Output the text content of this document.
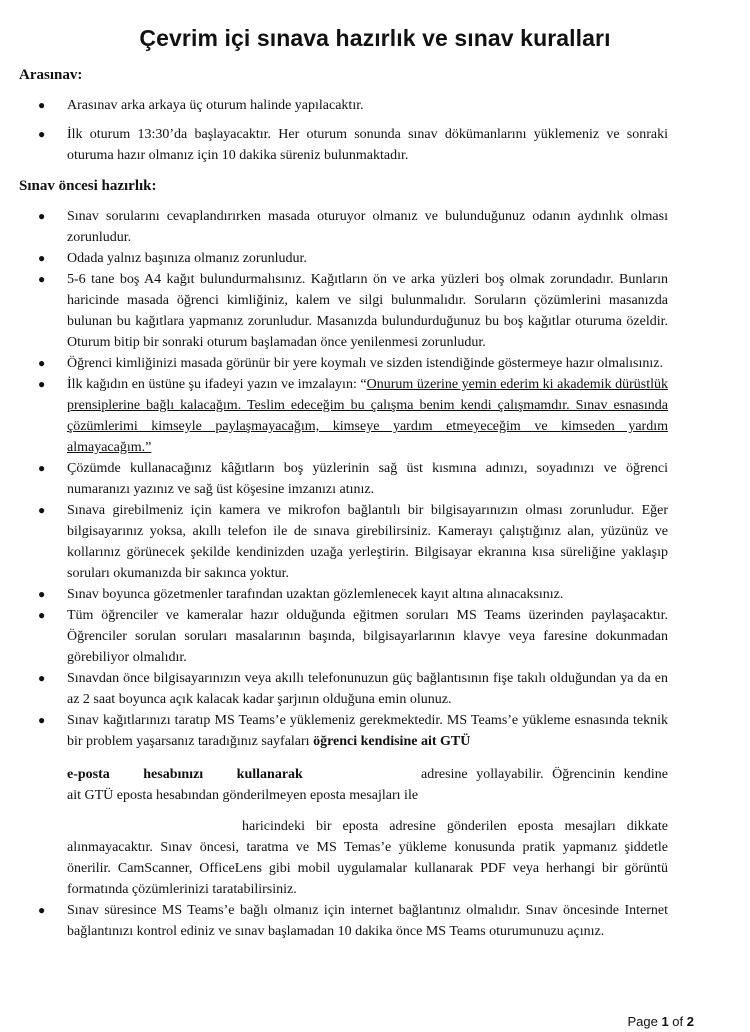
Çevrim içi sınava hazırlık ve sınav kuralları
Arasınav:
● Arasınav arka arkaya üç oturum halinde yapılacaktır.
● İlk oturum 13:30’da başlayacaktır. Her oturum sonunda sınav dökümanlarını yüklemeniz ve sonraki oturuma hazır olmanız için 10 dakika süreniz bulunmaktadır.
Sınav öncesi hazırlık:
● Sınav sorularını cevaplandırırken masada oturuyor olmanız ve bulunduğunuz odanın aydınlık olması zorunludur.
● Odada yalnız başınıza olmanız zorunludur.
● 5-6 tane boş A4 kağıt bulundurmalısınız. Kağıtların ön ve arka yüzleri boş olmak zorundadır. Bunların haricinde masada öğrenci kimliğiniz, kalem ve silgi bulunmalıdır. Soruların çözümlerini masanızda bulunan bu kağıtlara yapmanız zorunludur. Masanızda bulundurduğunuz bu boş kağıtlar oturuma özeldir. Oturum bitip bir sonraki oturum başlamadan önce yenilenmesi zorunludur.
● Öğrenci kimliğinizi masada görünür bir yere koymalı ve sizden istendiğinde göstermeye hazır olmalısınız.
● İlk kağıdın en üstüne şu ifadeyi yazın ve imzalayın: “Onurum üzerine yemin ederim ki akademik dürüstlük prensiplerine bağlı kalacağım. Teslim edeceğim bu çalışma benim kendi çalışmamdır. Sınav esnasında çözümlerimi kimseyle paylaşmayacağım, kimseye yardım etmeyeceğim ve kimseden yardım almayacağım.”
● Çözümde kullanacağınız kâğıtların boş yüzlerinin sağ üst kısmına adınızı, soyadınızı ve öğrenci numaranızı yazınız ve sağ üst köşesine imzanızı atınız.
● Sınava girebilmeniz için kamera ve mikrofon bağlantılı bir bilgisayarınızın olması zorunludur. Eğer bilgisayarınız yoksa, akıllı telefon ile de sınava girebilirsiniz. Kamerayı çalıştığınız alan, yüzünüz ve kollarınız görünecek şekilde kendinizden uzağa yerleştirin. Bilgisayar ekranına kısa süreliğine yaklaşıp soruları okumanızda bir sakınca yoktur.
● Sınav boyunca gözetmenler tarafından uzaktan gözlemlenecek kayıt altına alınacaksınız.
● Tüm öğrenciler ve kameralar hazır olduğunda eğitmen soruları MS Teams üzerinden paylaşacaktır. Öğrenciler sorulan soruları masalarının başında, bilgisayarlarının klavye veya faresine dokunmadan görebiliyor olmalıdır.
● Sınavdan önce bilgisayarınızın veya akıllı telefonunuzun güç bağlantısının fişe takılı olduğundan ya da en az 2 saat boyunca açık kalacak kadar şarjının olduğuna emin olunuz.
● Sınav kağıtlarınızı taratıp MS Teams’e yüklemeniz gerekmektedir. MS Teams’e yükleme esnasında teknik bir problem yaşarsanız taradığınız sayfaları öğrenci kendisine ait GTÜ
e-posta hesabınızı kullanarak	adresine yollayabilir. Öğrencinin kendine ait GTÜ eposta hesabından gönderilmeyen eposta mesajları ile
haricindeki bir eposta adresine gönderilen eposta mesajları dikkate alınmayacaktır. Sınav öncesi, taratma ve MS Temas’e yükleme konusunda pratik yapmanız şiddetle önerilir. CamScanner, OfficeLens gibi mobil uygulamalar kullanarak PDF veya herhangi bir görüntü formatında çözümlerinizi taratabilirsiniz.
● Sınav süresince MS Teams’e bağlı olmanız için internet bağlantınız olmalıdır. Sınav öncesinde Internet bağlantınızı kontrol ediniz ve sınav başlamadan 10 dakika önce MS Teams oturumunuzu açınız.
Page 1 of 2
